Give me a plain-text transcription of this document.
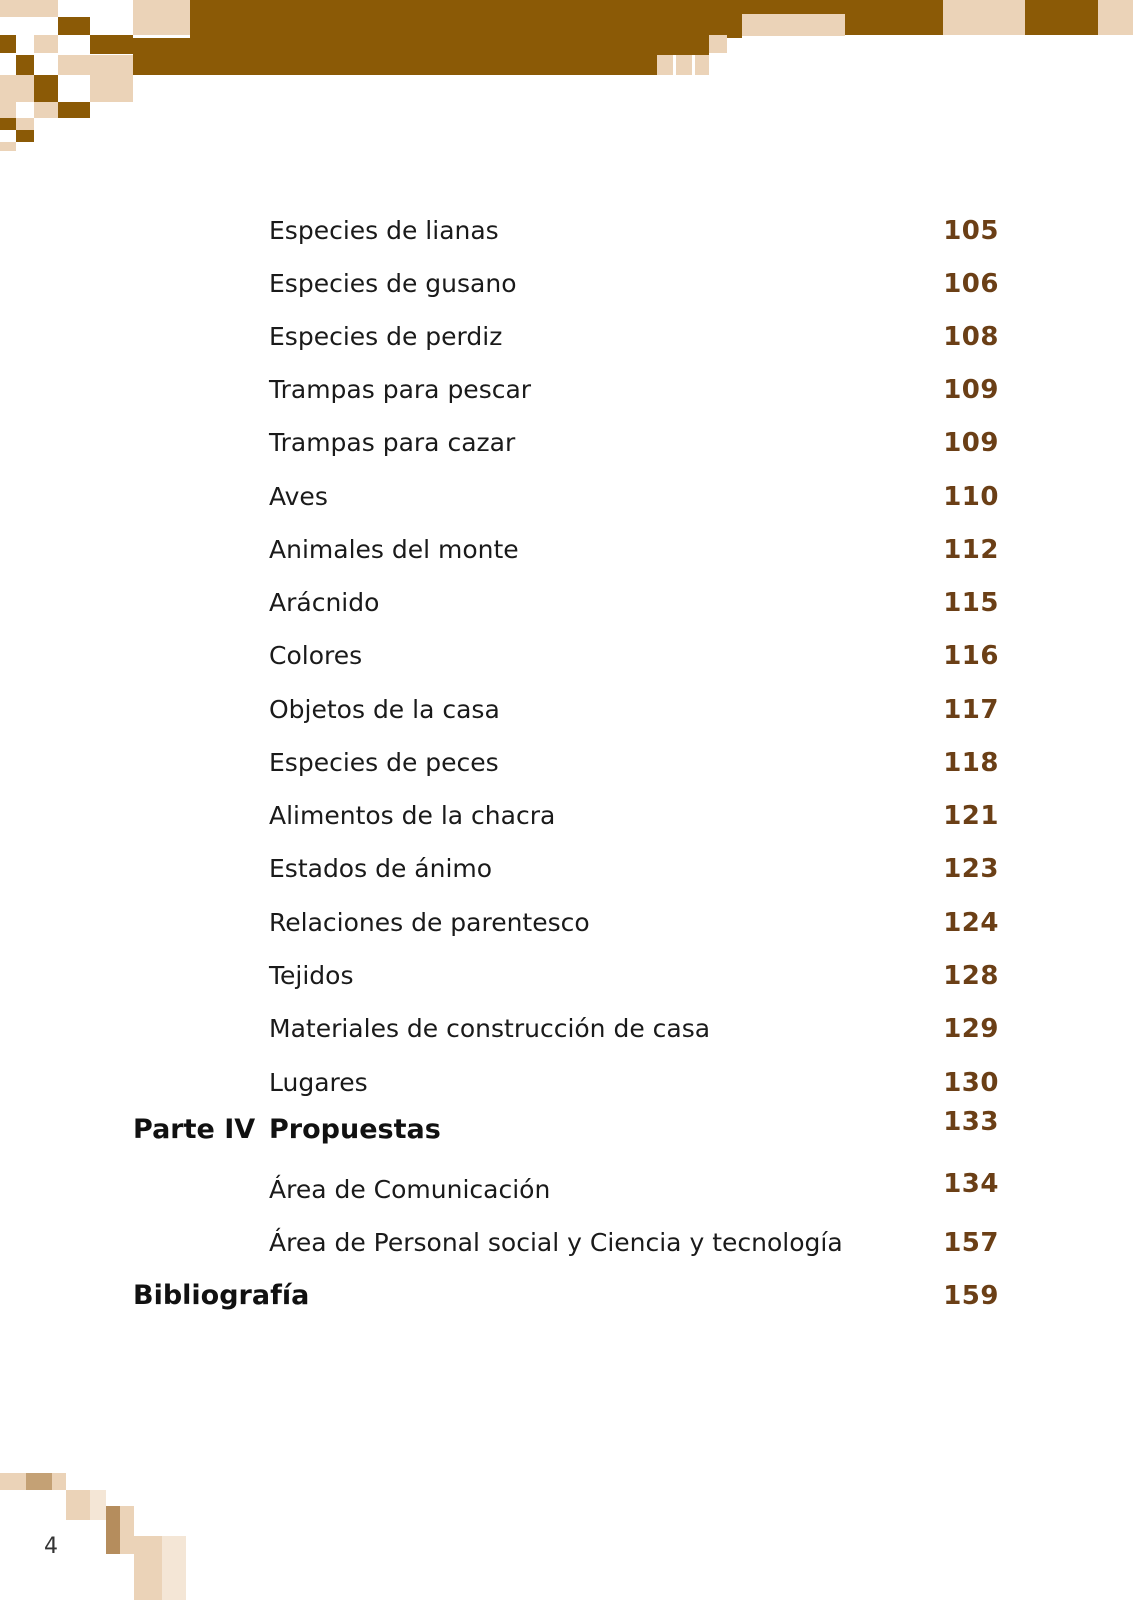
Especies de lianas	105
Especies de gusano	106
Especies de perdiz	108
Trampas para pescar	109
Trampas para cazar	109
Aves	110
Animales del monte	112
Arácnido	115
Colores	116
Objetos de la casa	117
Especies de peces	118
Alimentos de la chacra	121
Estados de ánimo	123
Relaciones de parentesco	124
Tejidos	128
Materiales de construcción de casa	129
Lugares	130
Parte IV Propuestas	133
Área de Comunicación	134
Área de Personal social y Ciencia y tecnología	157
Bibliografía	159
4
